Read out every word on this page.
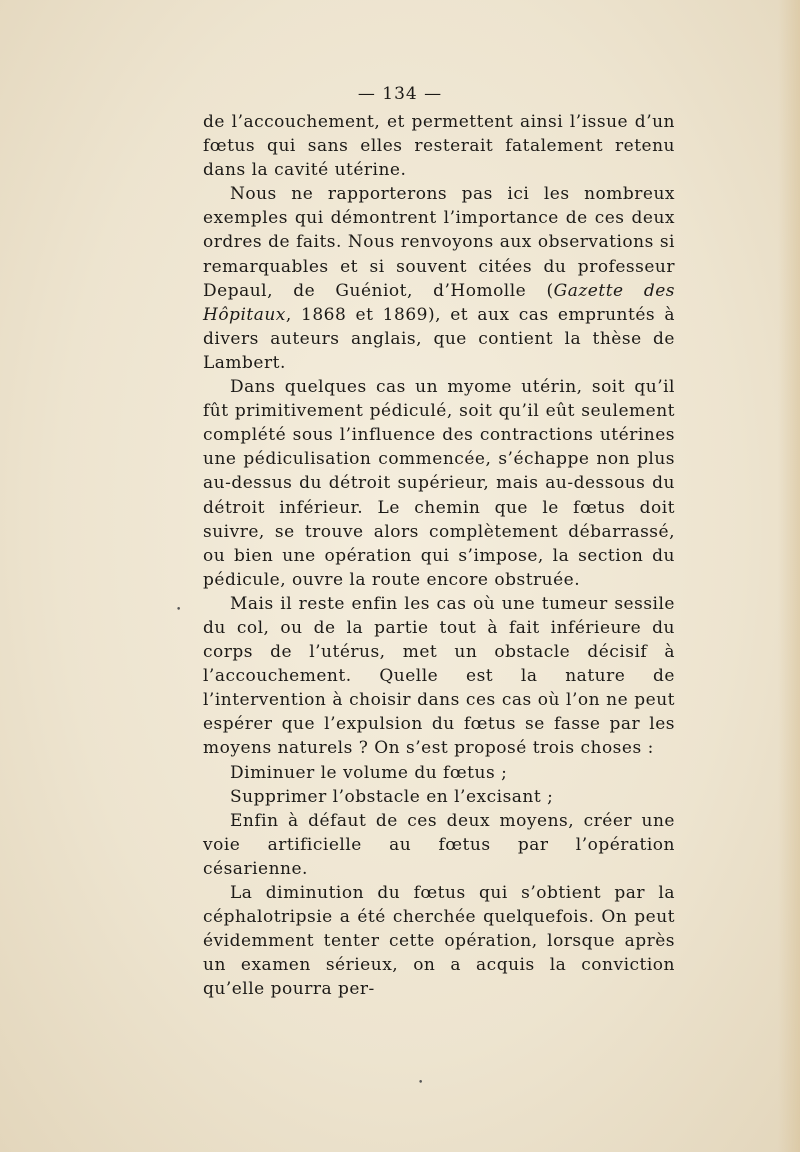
— 134 —

de l’accouchement, et permettent ainsi l’issue d’un fœtus qui sans elles resterait fatalement retenu dans la cavité utérine.

Nous ne rapporterons pas ici les nombreux exemples qui démontrent l’importance de ces deux ordres de faits. Nous renvoyons aux observations si remarquables et si souvent citées du professeur Depaul, de Guéniot, d’Homolle (Gazette des Hôpitaux, 1868 et 1869), et aux cas empruntés à divers auteurs anglais, que contient la thèse de Lambert.

Dans quelques cas un myome utérin, soit qu’il fût primitivement pédiculé, soit qu’il eût seulement complété sous l’influence des contractions utérines une pédiculisation commencée, s’échappe non plus au-dessus du détroit supérieur, mais au-dessous du détroit inférieur. Le chemin que le fœtus doit suivre, se trouve alors complètement débarrassé, ou bien une opération qui s’impose, la section du pédicule, ouvre la route encore obstruée.

Mais il reste enfin les cas où une tumeur sessile du col, ou de la partie tout à fait inférieure du corps de l’utérus, met un obstacle décisif à l’accouchement. Quelle est la nature de l’intervention à choisir dans ces cas où l’on ne peut espérer que l’expulsion du fœtus se fasse par les moyens naturels ? On s’est proposé trois choses :

Diminuer le volume du fœtus ;

Supprimer l’obstacle en l’excisant ;

Enfin à défaut de ces deux moyens, créer une voie artificielle au fœtus par l’opération césarienne.

La diminution du fœtus qui s’obtient par la céphalotripsie a été cherchée quelquefois. On peut évidemment tenter cette opération, lorsque après un examen sérieux, on a acquis la conviction qu’elle pourra per-

•
•
